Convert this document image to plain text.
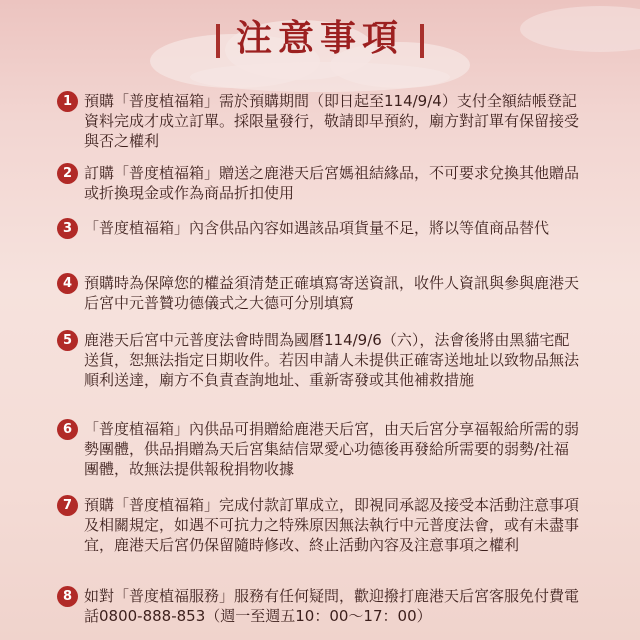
注意事項
1 預購「普度植福箱」需於預購期間（即日起至114/9/4）支付全額結帳登記資料完成才成立訂單。採限量發行，敬請即早預約，廟方對訂單有保留接受與否之權利
2 訂購「普度植福箱」贈送之鹿港天后宮媽祖結緣品，不可要求兌換其他贈品或折換現金或作為商品折扣使用
3 「普度植福箱」內含供品內容如遇該品項貨量不足，將以等值商品替代
4 預購時為保障您的權益須清楚正確填寫寄送資訊，收件人資訊與參與鹿港天后宮中元普贊功德儀式之大德可分別填寫
5 鹿港天后宮中元普度法會時間為國曆114/9/6（六），法會後將由黑貓宅配送貨，恕無法指定日期收件。若因申請人未提供正確寄送地址以致物品無法順利送達，廟方不負責查詢地址、重新寄發或其他補救措施
6 「普度植福箱」內供品可捐贈給鹿港天后宮，由天后宮分享福報給所需的弱勢團體，供品捐贈為天后宮集結信眾愛心功德後再發給所需要的弱勢/社福團體，故無法提供報稅捐物收據
7 預購「普度植福箱」完成付款訂單成立，即視同承認及接受本活動注意事項及相關規定，如遇不可抗力之特殊原因無法執行中元普度法會，或有未盡事宜，鹿港天后宮仍保留隨時修改、終止活動內容及注意事項之權利
8 如對「普度植福服務」服務有任何疑問，歡迎撥打鹿港天后宮客服免付費電話0800-888-853（週一至週五10：00～17：00）
